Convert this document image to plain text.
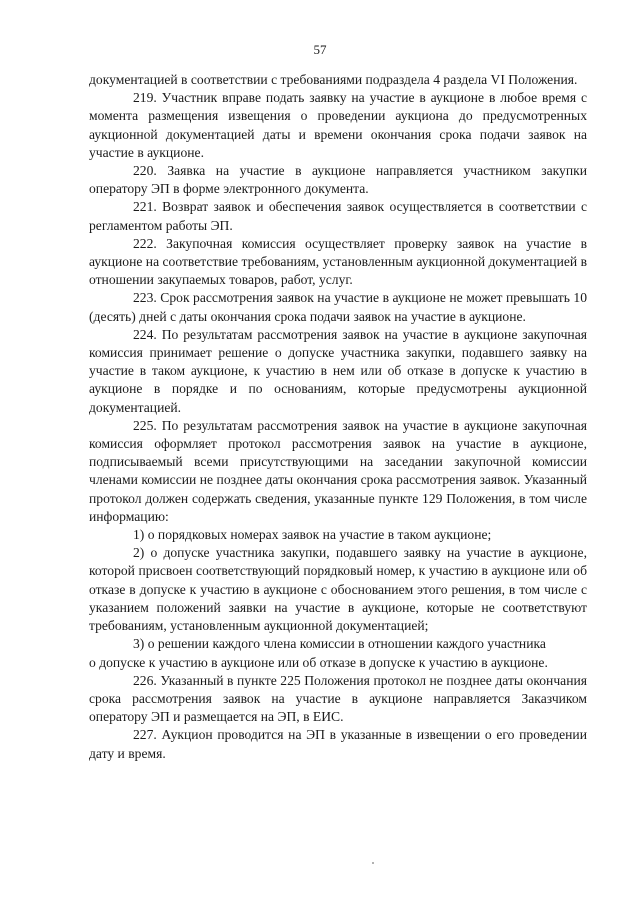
57

документацией в соответствии с требованиями подраздела 4 раздела VI Положения.

219. Участник вправе подать заявку на участие в аукционе в любое время с момента размещения извещения о проведении аукциона до предусмотренных аукционной документацией даты и времени окончания срока подачи заявок на участие в аукционе.

220. Заявка на участие в аукционе направляется участником закупки оператору ЭП в форме электронного документа.

221. Возврат заявок и обеспечения заявок осуществляется в соответствии с регламентом работы ЭП.

222. Закупочная комиссия осуществляет проверку заявок на участие в аукционе на соответствие требованиям, установленным аукционной документацией в отношении закупаемых товаров, работ, услуг.

223. Срок рассмотрения заявок на участие в аукционе не может превышать 10 (десять) дней с даты окончания срока подачи заявок на участие в аукционе.

224. По результатам рассмотрения заявок на участие в аукционе закупочная комиссия принимает решение о допуске участника закупки, подавшего заявку на участие в таком аукционе, к участию в нем или об отказе в допуске к участию в аукционе в порядке и по основаниям, которые предусмотрены аукционной документацией.

225. По результатам рассмотрения заявок на участие в аукционе закупочная комиссия оформляет протокол рассмотрения заявок на участие в аукционе, подписываемый всеми присутствующими на заседании закупочной комиссии членами комиссии не позднее даты окончания срока рассмотрения заявок. Указанный протокол должен содержать сведения, указанные пункте 129 Положения, в том числе информацию:

1) о порядковых номерах заявок на участие в таком аукционе;

2) о допуске участника закупки, подавшего заявку на участие в аукционе, которой присвоен соответствующий порядковый номер, к участию в аукционе или об отказе в допуске к участию в аукционе с обоснованием этого решения, в том числе с указанием положений заявки на участие в аукционе, которые не соответствуют требованиям, установленным аукционной документацией;

3) о решении каждого члена комиссии в отношении каждого участника

о допуске к участию в аукционе или об отказе в допуске к участию в аукционе.

226. Указанный в пункте 225 Положения протокол не позднее даты окончания срока рассмотрения заявок на участие в аукционе направляется Заказчиком оператору ЭП и размещается на ЭП, в ЕИС.

227. Аукцион проводится на ЭП в указанные в извещении о его проведении дату и время.
